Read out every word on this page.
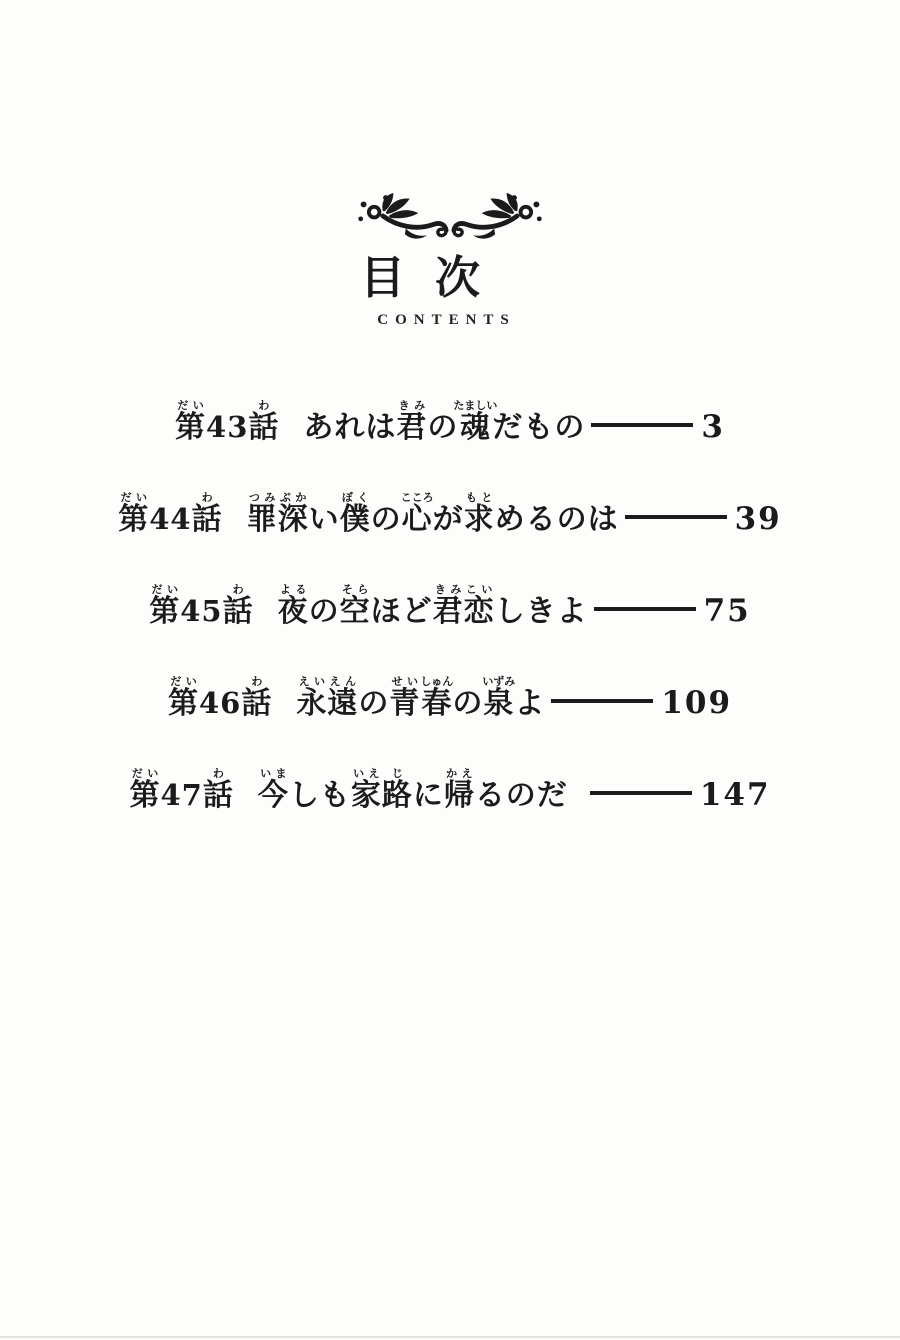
目次
CONTENTS
第だい43話わあれは君きみの魂たましいだもの	3
第だい44話わ罪つみ深ぶかい僕ぼくの心こころが求もとめるのは	39
第だい45話わ夜よるの空そらほど君きみ恋こいしきよ	75
第だい46話わ永えい遠えんの青せい春しゅんの泉いずみよ	109
第だい47話わ今いましも家いえ路じに帰かえるのだ	147
